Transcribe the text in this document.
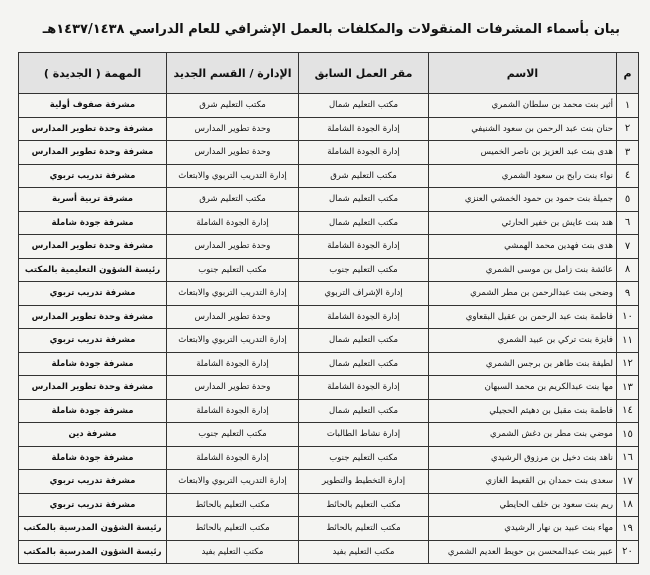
بيان بأسماء المشرفات المنقولات والمكلفات بالعمل الإشرافي للعام الدراسي ١٤٣٧/١٤٣٨هـ
م	الاسم	مقر العمل السابق	الإدارة / القسم الجديد	المهمة ( الجديدة )
١	أثير بنت محمد بن سلطان الشمري	مكتب التعليم شمال	مكتب التعليم شرق	مشرفة صفوف أولية
٢	حنان بنت عبد الرحمن بن سعود الشنيفي	إدارة الجودة الشاملة	وحدة تطوير المدارس	مشرفة وحدة تطوير المدارس
٣	هدى بنت عبد العزيز بن ناصر الخميس	إدارة الجودة الشاملة	وحدة تطوير المدارس	مشرفة وحدة تطوير المدارس
٤	نواء بنت رابح بن سعود الشمري	مكتب التعليم شرق	إدارة التدريب التربوي والابتعاث	مشرفة تدريب تربوي
٥	جميلة بنت حمود بن حمود الخمشي العنزي	مكتب التعليم شمال	مكتب التعليم شرق	مشرفة تربية أسرية
٦	هند بنت عايش بن خفير الحارثي	مكتب التعليم شمال	إدارة الجودة الشاملة	مشرفة جودة شاملة
٧	هدى بنت فهدين محمد الهمشي	إدارة الجودة الشاملة	وحدة تطوير المدارس	مشرفة وحدة تطوير المدارس
٨	عائشة بنت زامل بن موسى الشمري	مكتب التعليم جنوب	مكتب التعليم جنوب	رئيسة الشؤون التعليمية بالمكتب
٩	وضحى بنت عبدالرحمن بن مطر الشمري	إدارة الإشراف التربوي	إدارة التدريب التربوي والابتعاث	مشرفة تدريب تربوي
١٠	فاطمة بنت عبد الرحمن بن عقيل البقعاوي	إدارة الجودة الشاملة	وحدة تطوير المدارس	مشرفة وحدة تطوير المدارس
١١	فايزة بنت تركي بن عبيد الشمري	مكتب التعليم شمال	إدارة التدريب التربوي والابتعاث	مشرفة تدريب تربوي
١٢	لطيفة بنت طاهر بن برجس الشمري	مكتب التعليم شمال	إدارة الجودة الشاملة	مشرفة جودة شاملة
١٣	مها بنت عبدالكريم بن محمد السبهان	إدارة الجودة الشاملة	وحدة تطوير المدارس	مشرفة وحدة تطوير المدارس
١٤	فاطمة بنت مقبل بن دهيثم الحجيلي	مكتب التعليم شمال	إدارة الجودة الشاملة	مشرفة جودة شاملة
١٥	موضي بنت مطر بن دغش الشمري	إدارة نشاط الطالبات	مكتب التعليم جنوب	مشرفة دين
١٦	ناهد بنت دخيل بن مرزوق الرشيدي	مكتب التعليم جنوب	إدارة الجودة الشاملة	مشرفة جودة شاملة
١٧	سعدى بنت حمدان بن القعيط الغازي	إدارة التخطيط والتطوير	إدارة التدريب التربوي والابتعاث	مشرفة تدريب تربوي
١٨	ريم بنت سعود بن خلف الحايطي	مكتب التعليم بالحائط	مكتب التعليم بالحائط	مشرفة تدريب تربوي
١٩	مهاء بنت عبيد بن نهار الرشيدي	مكتب التعليم بالحائط	مكتب التعليم بالحائط	رئيسة الشؤون المدرسية بالمكتب
٢٠	عبير بنت عبدالمحسن بن حويط العديم الشمري	مكتب التعليم بفيد	مكتب التعليم بفيد	رئيسة الشؤون المدرسية بالمكتب
